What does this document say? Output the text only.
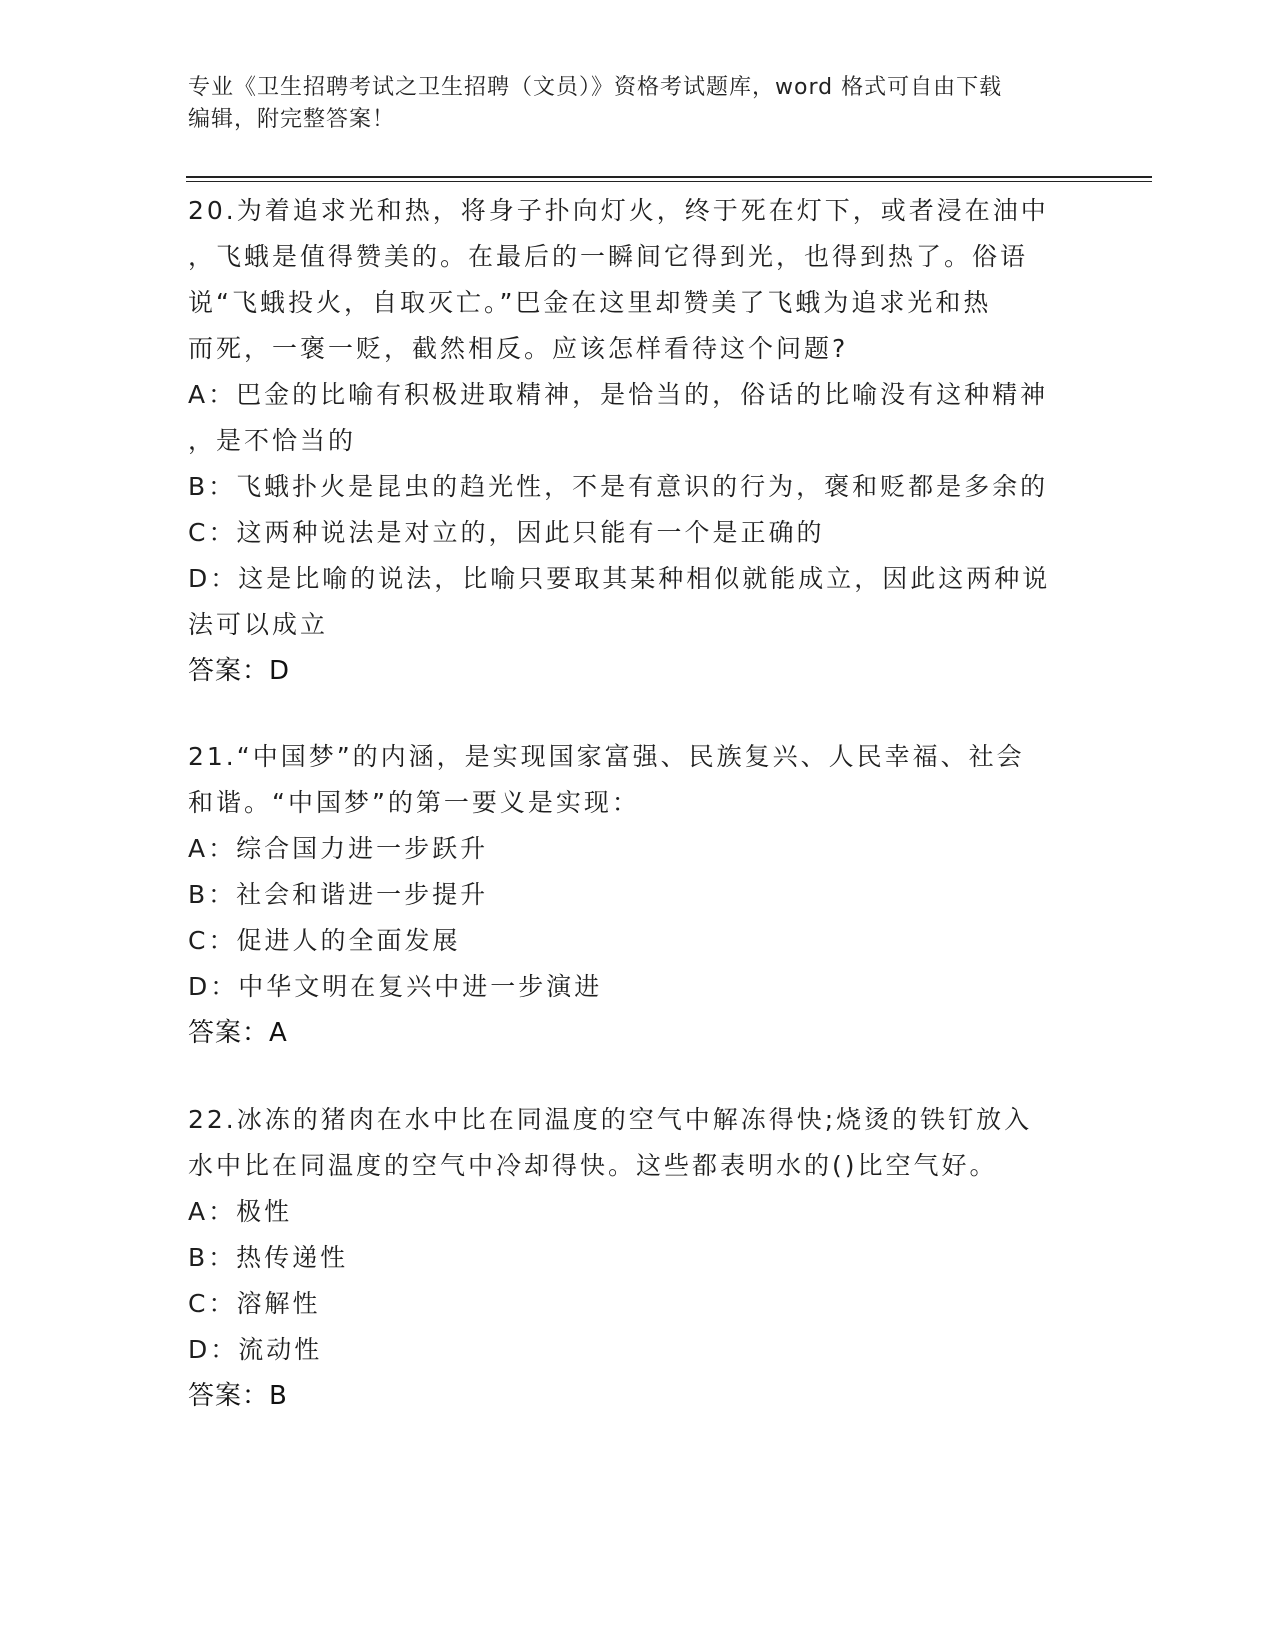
专业《卫生招聘考试之卫生招聘（文员）》资格考试题库，word 格式可自由下载
编辑，附完整答案！
20.为着追求光和热，将身子扑向灯火，终于死在灯下，或者浸在油中
，飞蛾是值得赞美的。在最后的一瞬间它得到光，也得到热了。俗语
说“飞蛾投火，自取灭亡。”巴金在这里却赞美了飞蛾为追求光和热
而死，一褒一贬，截然相反。应该怎样看待这个问题?
A：巴金的比喻有积极进取精神，是恰当的，俗话的比喻没有这种精神
，是不恰当的
B：飞蛾扑火是昆虫的趋光性，不是有意识的行为，褒和贬都是多余的
C：这两种说法是对立的，因此只能有一个是正确的
D：这是比喻的说法，比喻只要取其某种相似就能成立，因此这两种说
法可以成立
答案：D
21.“中国梦”的内涵，是实现国家富强、民族复兴、人民幸福、社会
和谐。“中国梦”的第一要义是实现：
A：综合国力进一步跃升
B：社会和谐进一步提升
C：促进人的全面发展
D：中华文明在复兴中进一步演进
答案：A
22.冰冻的猪肉在水中比在同温度的空气中解冻得快;烧烫的铁钉放入
水中比在同温度的空气中冷却得快。这些都表明水的()比空气好。
A：极性
B：热传递性
C：溶解性
D：流动性
答案：B
